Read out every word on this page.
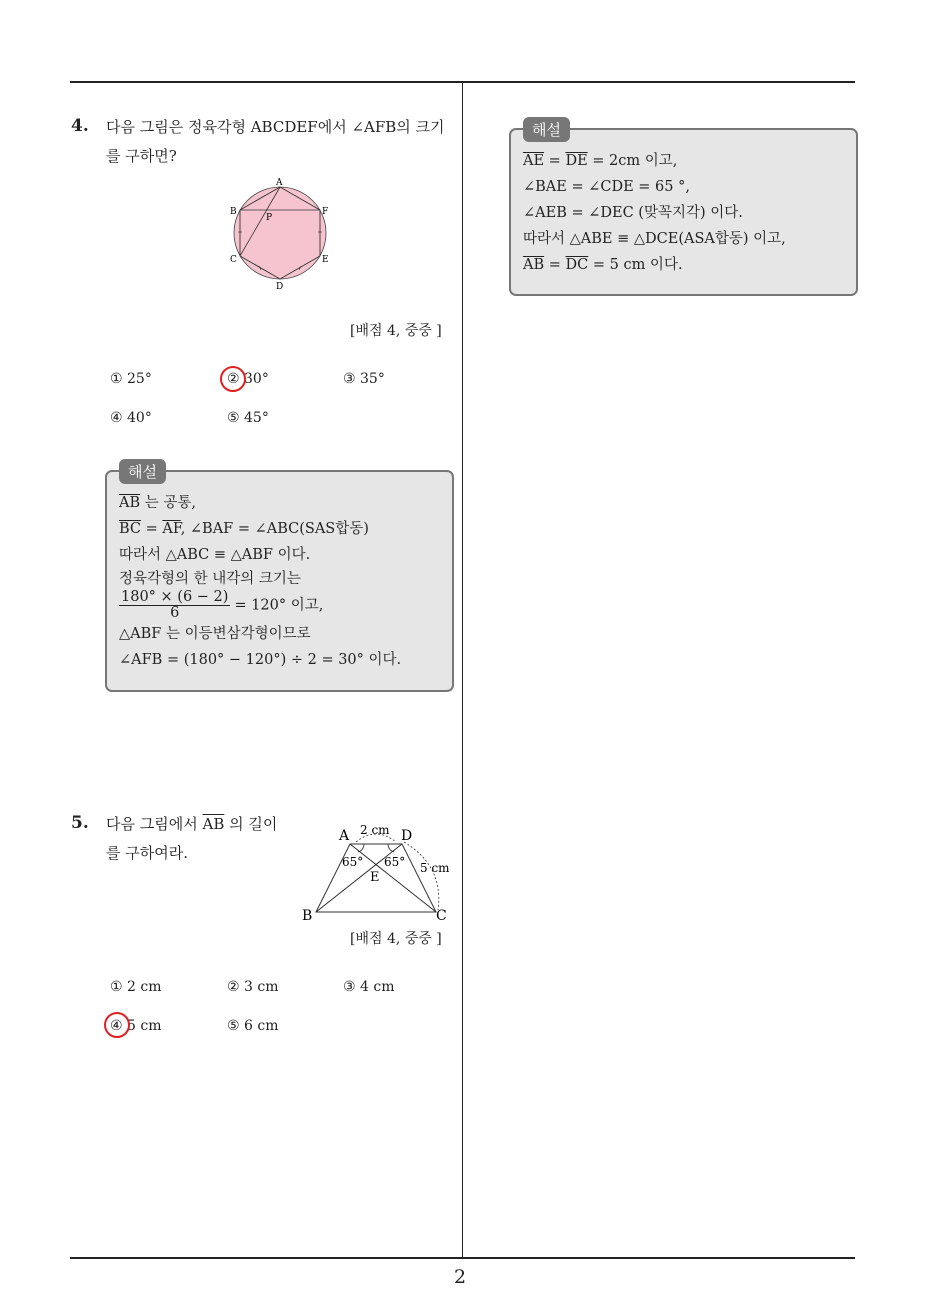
2
4. 다음 그림은 정육각형 ABCDEF에서 ∠AFB의 크기
를 구하면?
A
B	F
P
C	E
D
[배점 4, 중중 ]
① 25°	② 30°	③ 35°
④ 40°	⑤ 45°
$\overline{AB}$ 는 공통,
$\overline{BC} = \overline{AF}$, ∠BAF = ∠ABC(SAS합동)
따라서 △ABC ≡ △ABF 이다.
정육각형의 한 내각의 크기는
$\frac{180^\circ \times (6 - 2)}{6} = 120^\circ$ 이고,
△ABF 는 이등변삼각형이므로
∠AFB = (180° − 120°) ÷ 2 = 30° 이다.
해설
5. 다음 그림에서 $\overline{AB}$ 의 길이
를 구하여라.
A	D
B	C
E
2 cm
5 cm
65° 65°
[배점 4, 중중 ]
① 2 cm	② 3 cm	③ 4 cm
④ 5 cm	⑤ 6 cm
$\overline{AE} = \overline{DE} = 2cm$ 이고,
∠BAE = ∠CDE = 65 °,
∠AEB = ∠DEC (맞꼭지각) 이다.
따라서 △ABE ≡ △DCE(ASA합동) 이고,
$\overline{AB} = \overline{DC} = 5$ cm 이다.
해설
